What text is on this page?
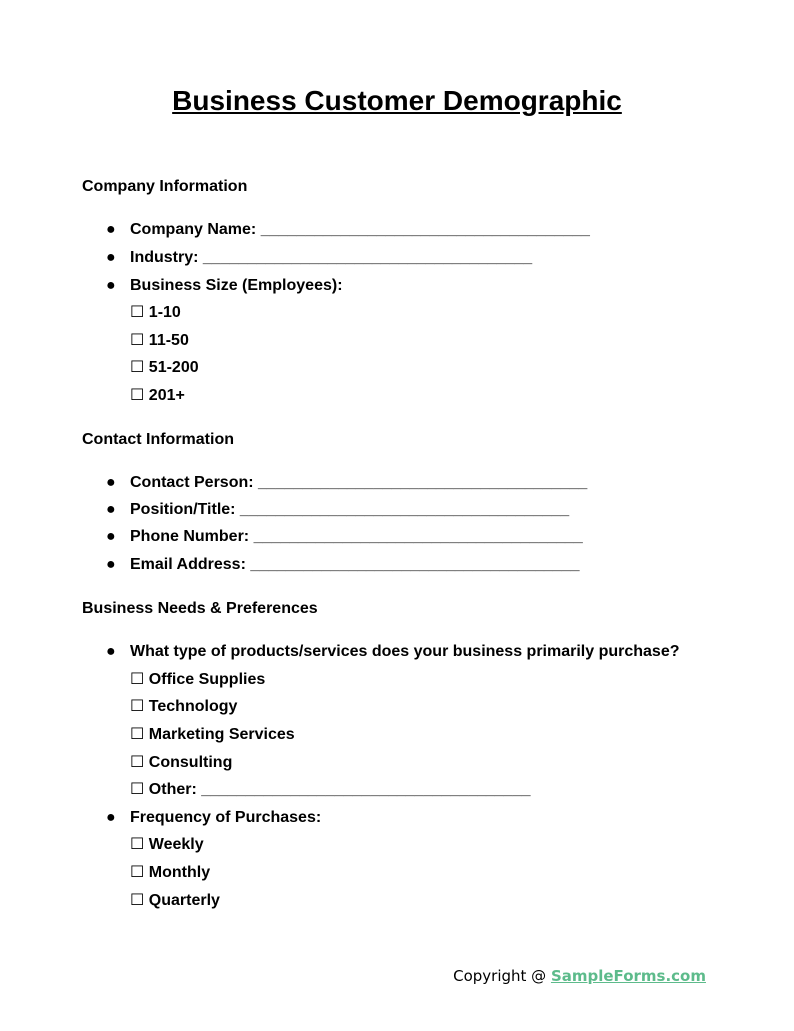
Business Customer Demographic
Company Information
● Company Name: _____________________________________
● Industry: _____________________________________
● Business Size (Employees):
☐ 1-10
☐ 11-50
☐ 51-200
☐ 201+
Contact Information
● Contact Person: _____________________________________
● Position/Title: _____________________________________
● Phone Number: _____________________________________
● Email Address: _____________________________________
Business Needs & Preferences
● What type of products/services does your business primarily purchase?
☐ Office Supplies
☐ Technology
☐ Marketing Services
☐ Consulting
☐ Other: _____________________________________
● Frequency of Purchases:
☐ Weekly
☐ Monthly
☐ Quarterly
Copyright @ SampleForms.com
